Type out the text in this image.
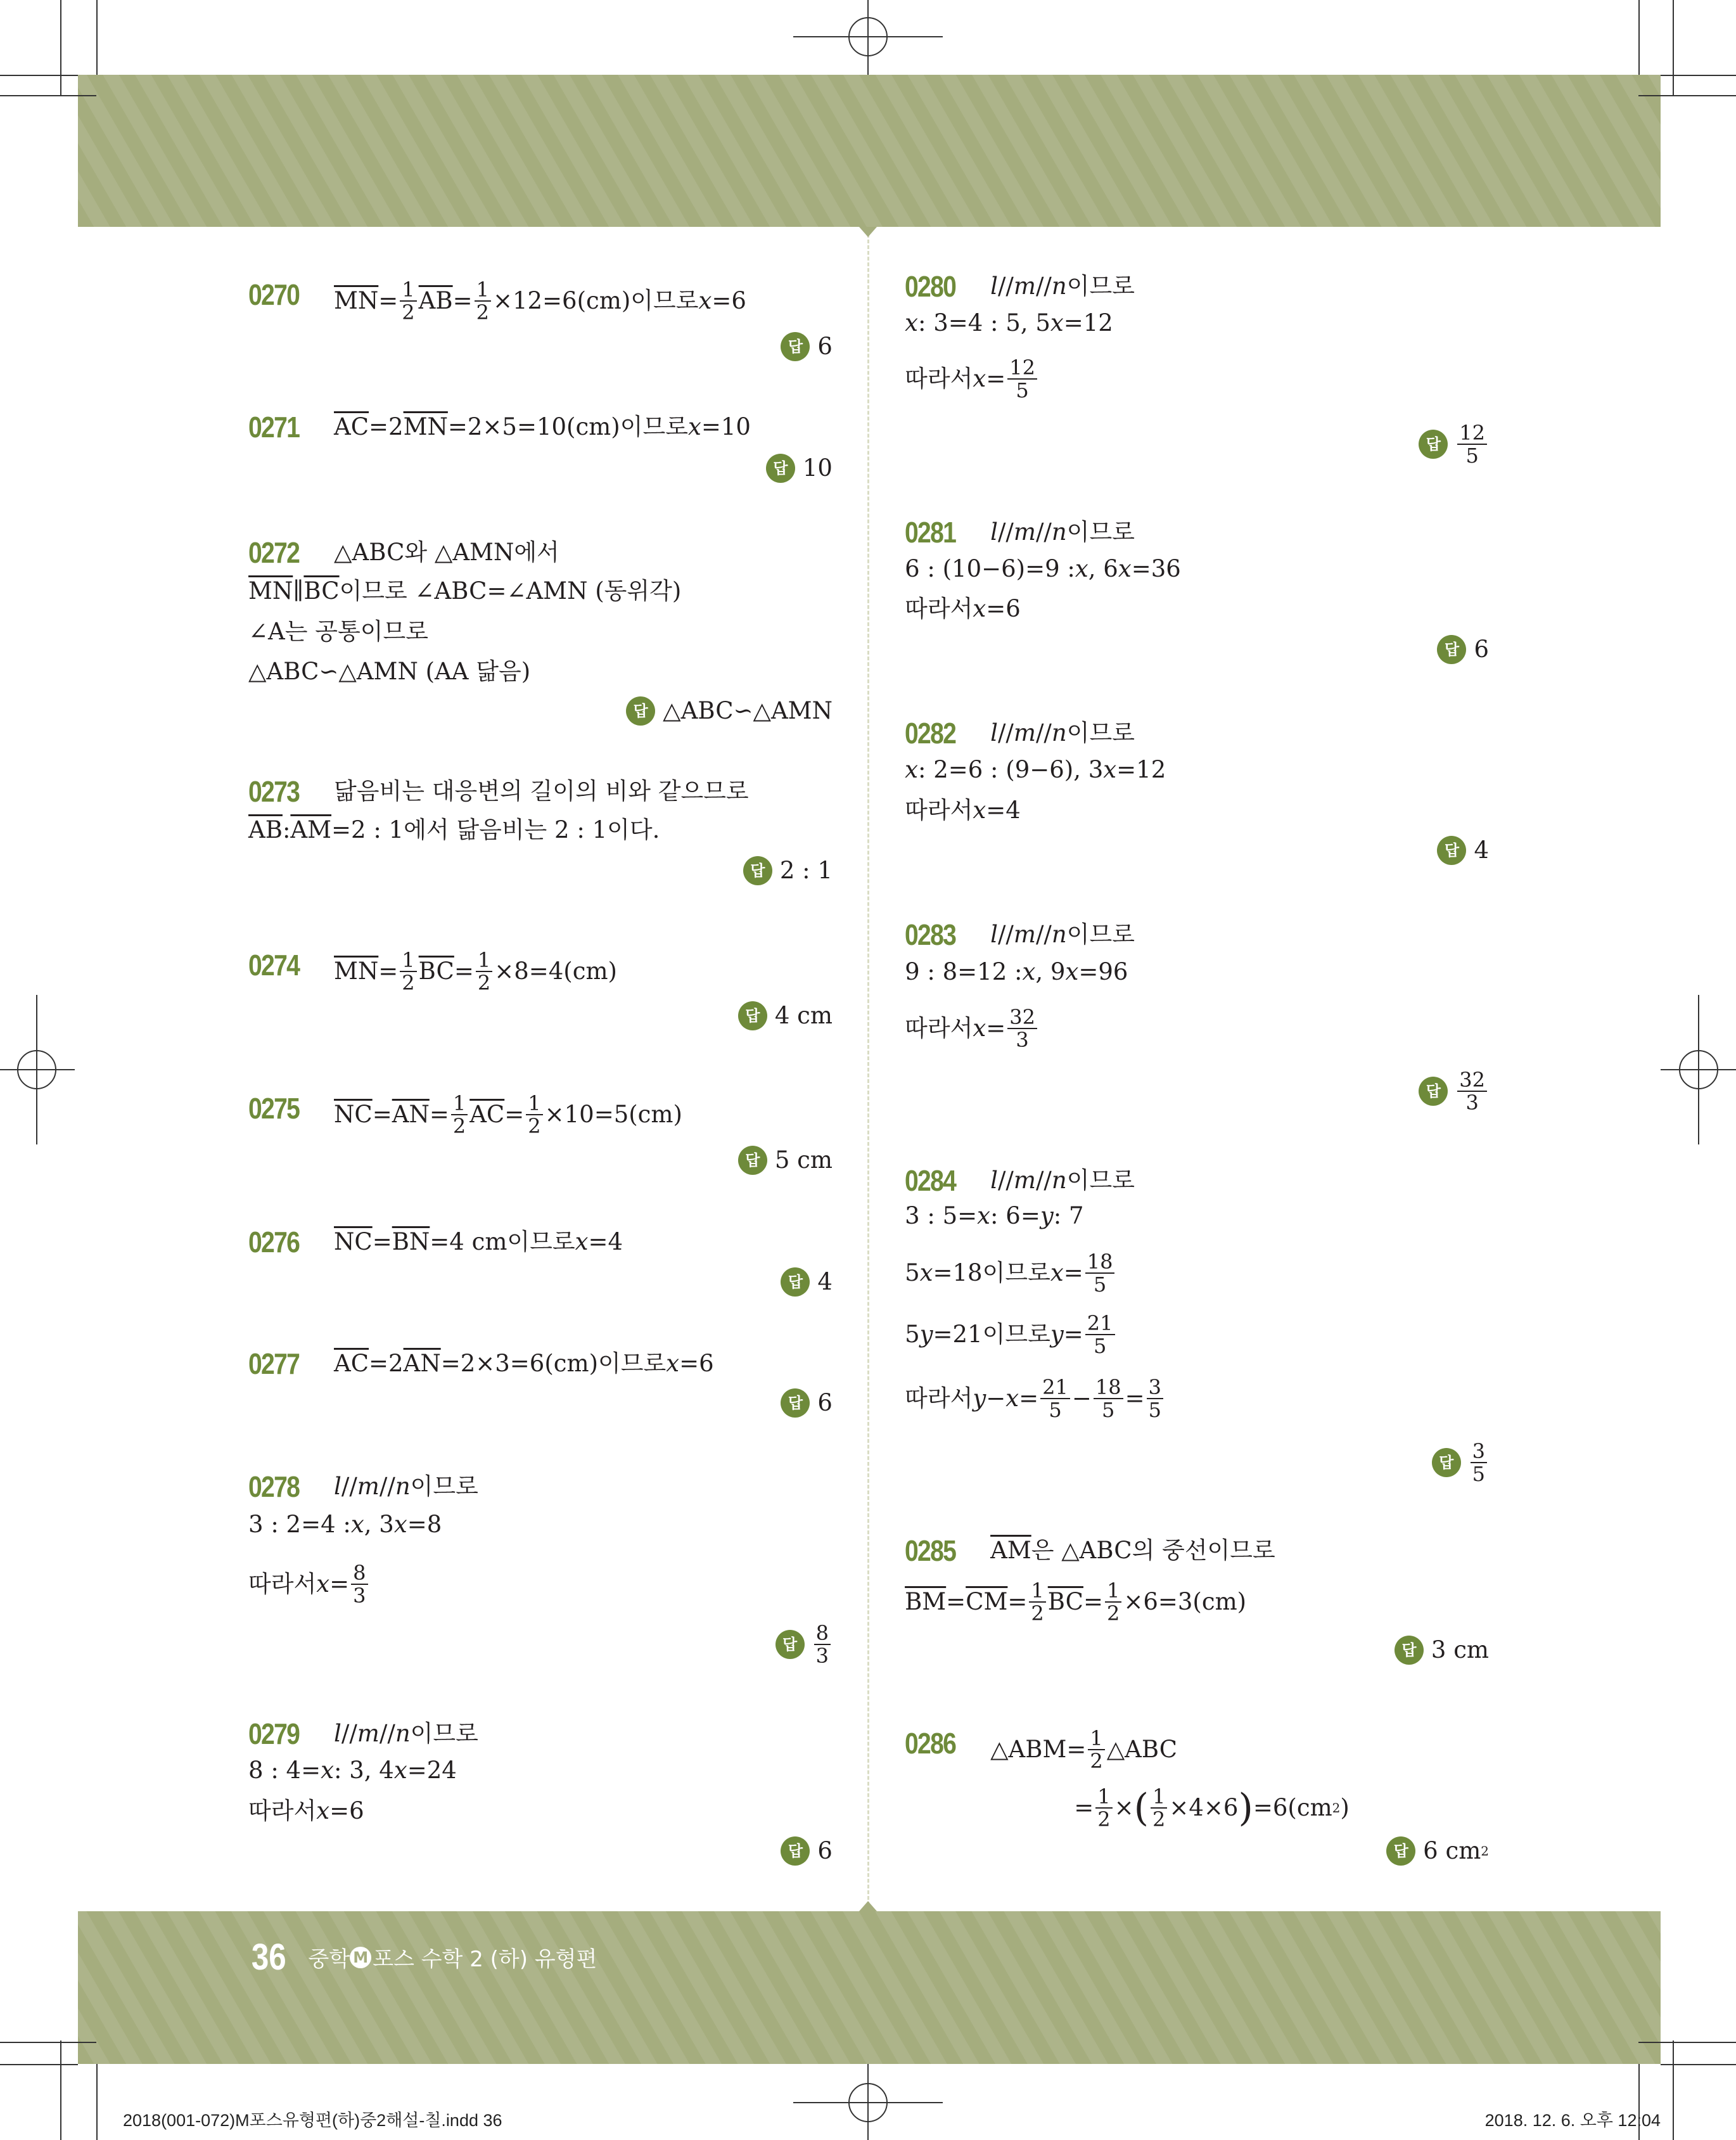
0270 $\overline{MN} = \frac{1}{2} \overline{AB} = \frac{1}{2} \times 12=6(cm)$이므로 x =6
답 6
0271 $\overline{AC} =2$ $\overline{MN} =2\times 5=10(cm)$이므로 x =10
답 10
0272 △ABC와 △AMN에서
$\overline{MN}$ ∥ $\overline{BC}$ 이므로 ∠ABC=∠AMN (동위각)
∠A는 공통이므로
△ABC∽△AMN (AA 닮음)
답 △ABC∽△AMN
0273 닮음비는 대응변의 길이의 비와 같으므로
$\overline{AB}$ : $\overline{AM} =2$ : 1에서 닮음비는 2 : 1이다.
답 2 : 1
0274 $\overline{MN} = \frac{1}{2} \overline{BC} = \frac{1}{2} \times 8=4(cm)$
답 4 cm
0275 $\overline{NC} = \overline{AN} = \frac{1}{2} \overline{AC} = \frac{1}{2} \times 10=5(cm)$
답 5 cm
0276 $\overline{NC} = \overline{BN} =4$ cm이므로 x =4
답 4
0277 $\overline{AC} =2$ $\overline{AN} =2\times 3=6(cm)$이므로 x =6
답 6
0278 l // m // n 이므로
3 : 2=4 : x , 3 x =8
따라서 $x = \frac{8}{3}$
답 $\frac{8}{3}$
0279 l // m // n 이므로
8 : 4= x : 3, 4 x =24
따라서 x =6
답 6
0280 l // m // n 이므로
x : 3=4 : 5, 5 x =12
따라서 $x = \frac{12}{5}$
답 $\frac{12}{5}$
0281 l // m // n 이므로
6 : (10−6)=9 : x , 6 x =36
따라서 x =6
답 6
0282 l // m // n 이므로
x : 2=6 : (9−6), 3 x =12
따라서 x =4
답 4
0283 l // m // n 이므로
9 : 8=12 : x , 9 x =96
따라서 $x = \frac{32}{3}$
답 $\frac{32}{3}$
0284 l // m // n 이므로
3 : 5= x : 6= y : 7
5 x =18이므로 $x = \frac{18}{5}$
5 y =21이므로 $y = \frac{21}{5}$
따라서 $y - x = \frac{21}{5} - \frac{18}{5} = \frac{3}{5}$
답 $\frac{3}{5}$
0285 $\overline{AM}$ 은 △ABC의 중선이므로
$\overline{BM} = \overline{CM} = \frac{1}{2} \overline{BC} = \frac{1}{2} \times 6=3(cm)$
답 3 cm
0286 △ABM= $\frac{1}{2}$ △ABC
= $\frac{1}{2}$ × ( $\frac{1}{2} \times 4\times 6$ ) =6(cm 2 )
답 6 cm 2
36 중학 M 포스 수학 2 (하) 유형편
2018(001-072)M포스유형편(하)중2해설-칠.indd 36	2018. 12. 6. 오후 12:04
